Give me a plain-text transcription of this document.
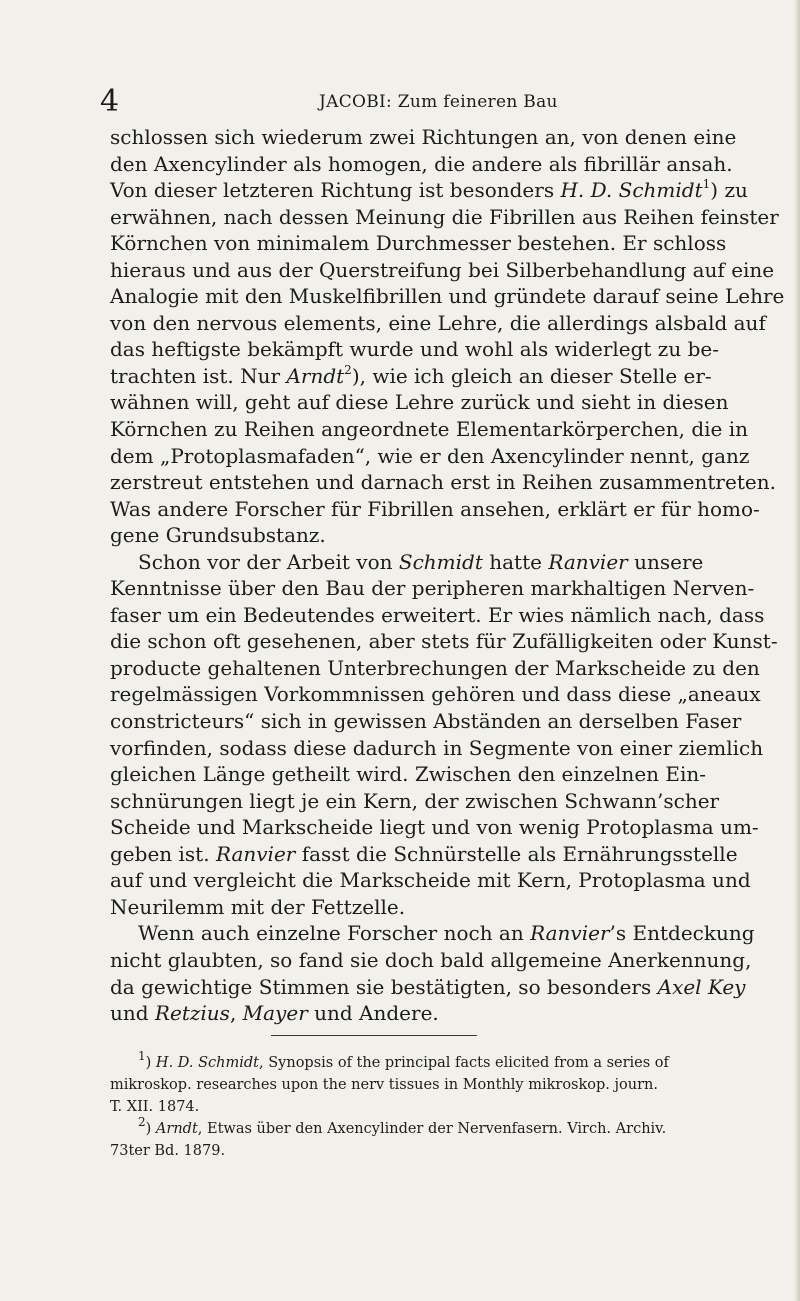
4	JACOBI: Zum feineren Bau
schlossen sich wiederum zwei Richtungen an, von denen eine
den Axencylinder als homogen, die andere als fibrillär ansah.
Von dieser letzteren Richtung ist besonders H. D. Schmidt$^1$) zu
erwähnen, nach dessen Meinung die Fibrillen aus Reihen feinster
Körnchen von minimalem Durchmesser bestehen. Er schloss
hieraus und aus der Querstreifung bei Silberbehandlung auf eine
Analogie mit den Muskelfibrillen und gründete darauf seine Lehre
von den nervous elements, eine Lehre, die allerdings alsbald auf
das heftigste bekämpft wurde und wohl als widerlegt zu be-
trachten ist. Nur Arndt$^2$), wie ich gleich an dieser Stelle er-
wähnen will, geht auf diese Lehre zurück und sieht in diesen
Körnchen zu Reihen angeordnete Elementarkörperchen, die in
dem „Protoplasmafaden“, wie er den Axencylinder nennt, ganz
zerstreut entstehen und darnach erst in Reihen zusammentreten.
Was andere Forscher für Fibrillen ansehen, erklärt er für homo-
gene Grundsubstanz.
Schon vor der Arbeit von Schmidt hatte Ranvier unsere
Kenntnisse über den Bau der peripheren markhaltigen Nerven-
faser um ein Bedeutendes erweitert. Er wies nämlich nach, dass
die schon oft gesehenen, aber stets für Zufälligkeiten oder Kunst-
producte gehaltenen Unterbrechungen der Markscheide zu den
regelmässigen Vorkommnissen gehören und dass diese „aneaux
constricteurs“ sich in gewissen Abständen an derselben Faser
vorfinden, sodass diese dadurch in Segmente von einer ziemlich
gleichen Länge getheilt wird. Zwischen den einzelnen Ein-
schnürungen liegt je ein Kern, der zwischen Schwann’scher
Scheide und Markscheide liegt und von wenig Protoplasma um-
geben ist. Ranvier fasst die Schnürstelle als Ernährungsstelle
auf und vergleicht die Markscheide mit Kern, Protoplasma und
Neurilemm mit der Fettzelle.
Wenn auch einzelne Forscher noch an Ranvier’s Entdeckung
nicht glaubten, so fand sie doch bald allgemeine Anerkennung,
da gewichtige Stimmen sie bestätigten, so besonders Axel Key
und Retzius, Mayer und Andere.
$^1$) H. D. Schmidt, Synopsis of the principal facts elicited from a series of
mikroskop. researches upon the nerv tissues in Monthly mikroskop. journ.
T. XII. 1874.
$^2$) Arndt, Etwas über den Axencylinder der Nervenfasern. Virch. Archiv.
73ter Bd. 1879.
